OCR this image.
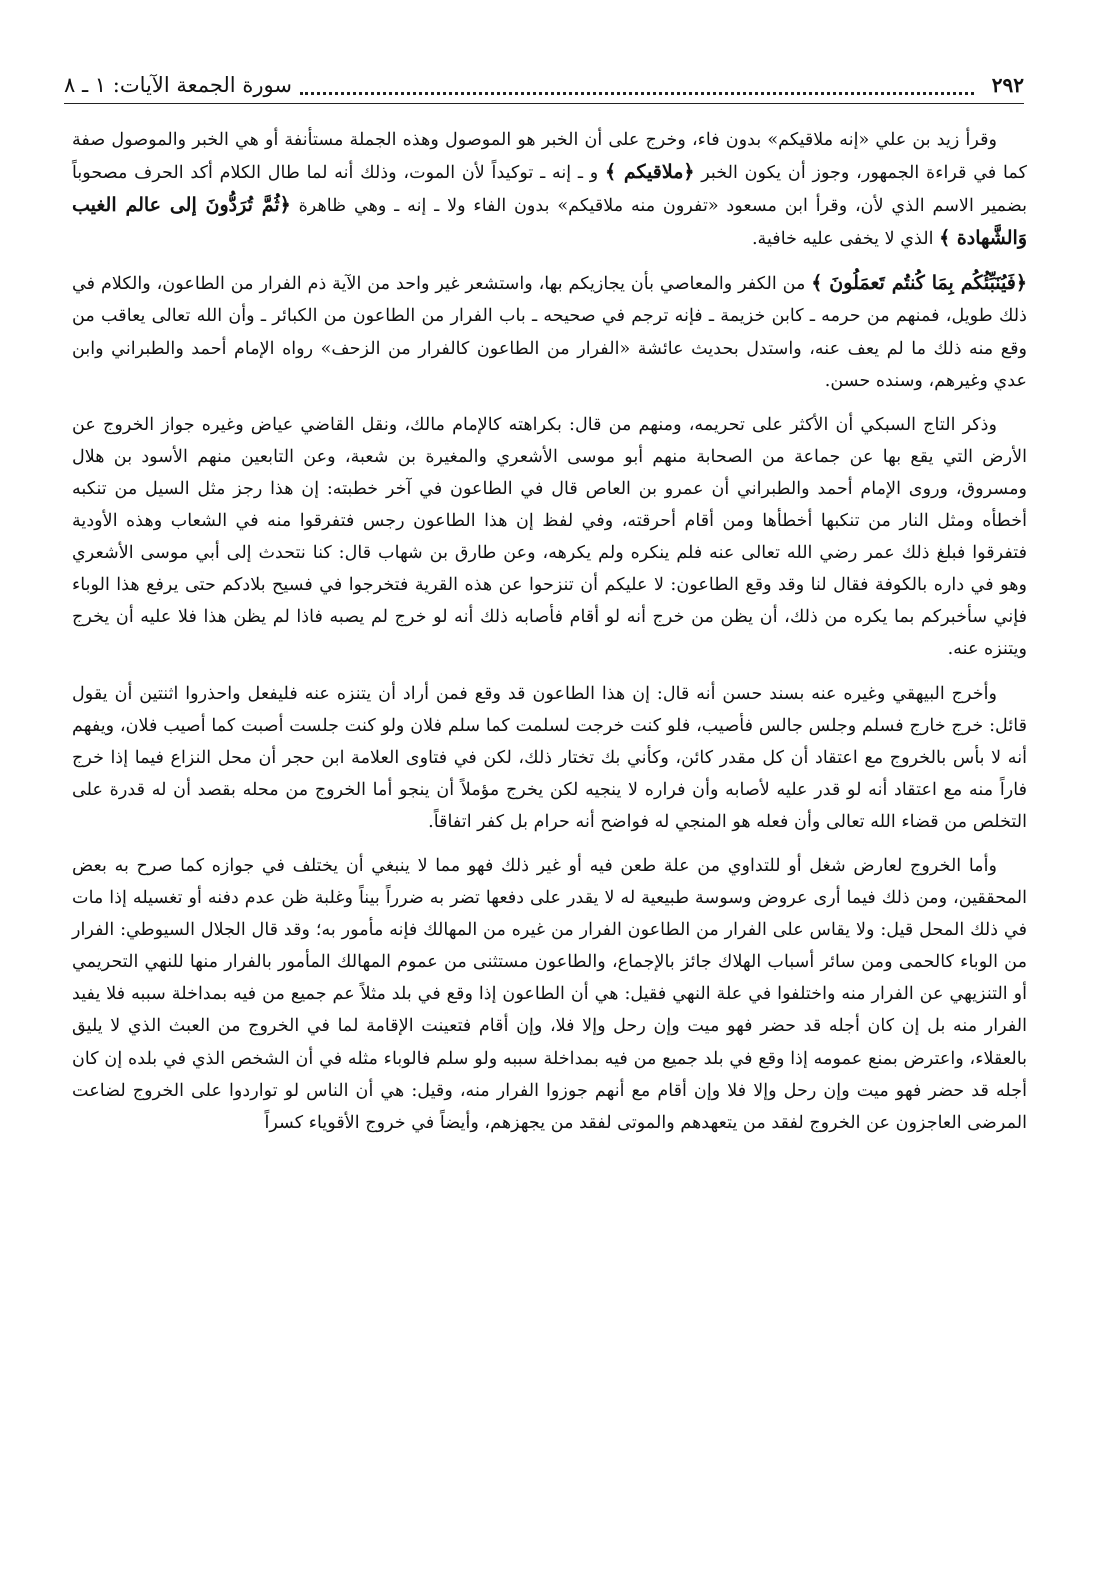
٢٩٢
سورة الجمعة الآيات: ١ ـ ٨

وقرأ زيد بن علي «إنه ملاقيكم» بدون فاء، وخرج على أن الخبر هو الموصول وهذه الجملة مستأنفة أو هي الخبر والموصول صفة كما في قراءة الجمهور، وجوز أن يكون الخبر ﴿ملاقيكم ﴾ و ـ إنه ـ توكيداً لأن الموت، وذلك أنه لما طال الكلام أكد الحرف مصحوباً بضمير الاسم الذي لأن، وقرأ ابن مسعود «تفرون منه ملاقيكم» بدون الفاء ولا ـ إنه ـ وهي ظاهرة ﴿ثُمَّ تُرَدُّونَ إلى عالم الغيب وَالشَّهادة ﴾ الذي لا يخفى عليه خافية.

﴿فَيُنَبِّئُكُم بِمَا كُنتُم تَعمَلُونَ ﴾ من الكفر والمعاصي بأن يجازيكم بها، واستشعر غير واحد من الآية ذم الفرار من الطاعون، والكلام في ذلك طويل، فمنهم من حرمه ـ كابن خزيمة ـ فإنه ترجم في صحيحه ـ باب الفرار من الطاعون من الكبائر ـ وأن الله تعالى يعاقب من وقع منه ذلك ما لم يعف عنه، واستدل بحديث عائشة «الفرار من الطاعون كالفرار من الزحف» رواه الإمام أحمد والطبراني وابن عدي وغيرهم، وسنده حسن.

وذكر التاج السبكي أن الأكثر على تحريمه، ومنهم من قال: بكراهته كالإمام مالك، ونقل القاضي عياض وغيره جواز الخروج عن الأرض التي يقع بها عن جماعة من الصحابة منهم أبو موسى الأشعري والمغيرة بن شعبة، وعن التابعين منهم الأسود بن هلال ومسروق، وروى الإمام أحمد والطبراني أن عمرو بن العاص قال في الطاعون في آخر خطبته: إن هذا رجز مثل السيل من تنكبه أخطأه ومثل النار من تنكبها أخطأها ومن أقام أحرقته، وفي لفظ إن هذا الطاعون رجس فتفرقوا منه في الشعاب وهذه الأودية فتفرقوا فبلغ ذلك عمر رضي الله تعالى عنه فلم ينكره ولم يكرهه، وعن طارق بن شهاب قال: كنا نتحدث إلى أبي موسى الأشعري وهو في داره بالكوفة فقال لنا وقد وقع الطاعون: لا عليكم أن تنزحوا عن هذه القرية فتخرجوا في فسيح بلادكم حتى يرفع هذا الوباء فإني سأخبركم بما يكره من ذلك، أن يظن من خرج أنه لو أقام فأصابه ذلك أنه لو خرج لم يصبه فاذا لم يظن هذا فلا عليه أن يخرج ويتنزه عنه.

وأخرج البيهقي وغيره عنه بسند حسن أنه قال: إن هذا الطاعون قد وقع فمن أراد أن يتنزه عنه فليفعل واحذروا اثنتين أن يقول قائل: خرج خارج فسلم وجلس جالس فأصيب، فلو كنت خرجت لسلمت كما سلم فلان ولو كنت جلست أصبت كما أصيب فلان، ويفهم أنه لا بأس بالخروج مع اعتقاد أن كل مقدر كائن، وكأني بك تختار ذلك، لكن في فتاوى العلامة ابن حجر أن محل النزاع فيما إذا خرج فاراً منه مع اعتقاد أنه لو قدر عليه لأصابه وأن فراره لا ينجيه لكن يخرج مؤملاً أن ينجو أما الخروج من محله بقصد أن له قدرة على التخلص من قضاء الله تعالى وأن فعله هو المنجي له فواضح أنه حرام بل كفر اتفاقاً.

وأما الخروج لعارض شغل أو للتداوي من علة طعن فيه أو غير ذلك فهو مما لا ينبغي أن يختلف في جوازه كما صرح به بعض المحققين، ومن ذلك فيما أرى عروض وسوسة طبيعية له لا يقدر على دفعها تضر به ضرراً بيناً وغلبة ظن عدم دفنه أو تغسيله إذا مات في ذلك المحل قيل: ولا يقاس على الفرار من الطاعون الفرار من غيره من المهالك فإنه مأمور به؛ وقد قال الجلال السيوطي: الفرار من الوباء كالحمى ومن سائر أسباب الهلاك جائز بالإجماع، والطاعون مستثنى من عموم المهالك المأمور بالفرار منها للنهي التحريمي أو التنزيهي عن الفرار منه واختلفوا في علة النهي فقيل: هي أن الطاعون إذا وقع في بلد مثلاً عم جميع من فيه بمداخلة سببه فلا يفيد الفرار منه بل إن كان أجله قد حضر فهو ميت وإن رحل وإلا فلا، وإن أقام فتعينت الإقامة لما في الخروج من العبث الذي لا يليق بالعقلاء، واعترض بمنع عمومه إذا وقع في بلد جميع من فيه بمداخلة سببه ولو سلم فالوباء مثله في أن الشخص الذي في بلده إن كان أجله قد حضر فهو ميت وإن رحل وإلا فلا وإن أقام مع أنهم جوزوا الفرار منه، وقيل: هي أن الناس لو تواردوا على الخروج لضاعت المرضى العاجزون عن الخروج لفقد من يتعهدهم والموتى لفقد من يجهزهم، وأيضاً في خروج الأقوياء كسراً
